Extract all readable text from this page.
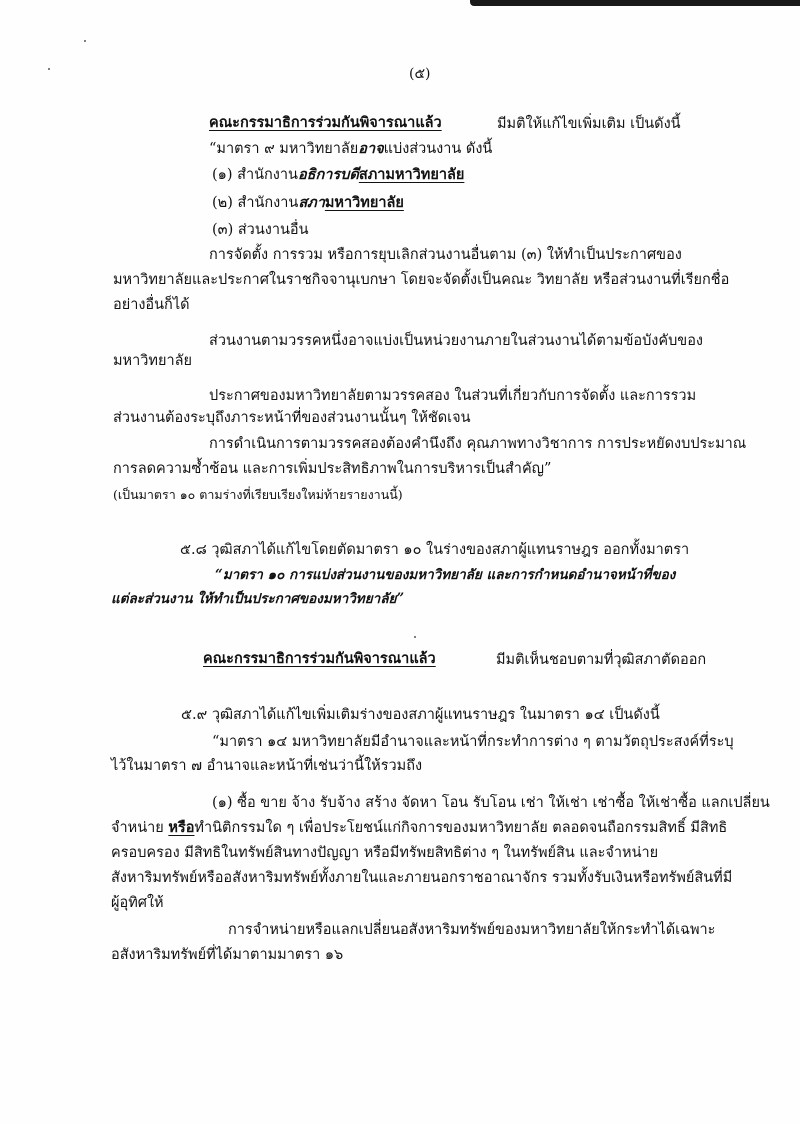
(๕)
คณะกรรมาธิการร่วมกันพิจารณาแล้ว	มีมติให้แก้ไขเพิ่มเติม เป็นดังนี้
“มาตรา ๙ มหาวิทยาลัยอาจแบ่งส่วนงาน ดังนี้
(๑) สำนักงานอธิการบดีสภามหาวิทยาลัย
(๒) สำนักงานสภามหาวิทยาลัย
(๓) ส่วนงานอื่น
การจัดตั้ง การรวม หรือการยุบเลิกส่วนงานอื่นตาม (๓) ให้ทำเป็นประกาศของ
มหาวิทยาลัยและประกาศในราชกิจจานุเบกษา โดยจะจัดตั้งเป็นคณะ วิทยาลัย หรือส่วนงานที่เรียกชื่อ
อย่างอื่นก็ได้
ส่วนงานตามวรรคหนึ่งอาจแบ่งเป็นหน่วยงานภายในส่วนงานได้ตามข้อบังคับของ
มหาวิทยาลัย
ประกาศของมหาวิทยาลัยตามวรรคสอง ในส่วนที่เกี่ยวกับการจัดตั้ง และการรวม
ส่วนงานต้องระบุถึงภาระหน้าที่ของส่วนงานนั้นๆ ให้ชัดเจน
การดำเนินการตามวรรคสองต้องคำนึงถึง คุณภาพทางวิชาการ การประหยัดงบประมาณ
การลดความซ้ำซ้อน และการเพิ่มประสิทธิภาพในการบริหารเป็นสำคัญ”
(เป็นมาตรา ๑๐ ตามร่างที่เรียบเรียงใหม่ท้ายรายงานนี้)
๕.๘ วุฒิสภาได้แก้ไขโดยตัดมาตรา ๑๐ ในร่างของสภาผู้แทนราษฎร ออกทั้งมาตรา
“มาตรา ๑๐ การแบ่งส่วนงานของมหาวิทยาลัย และการกำหนดอำนาจหน้าที่ของ
แต่ละส่วนงาน ให้ทำเป็นประกาศของมหาวิทยาลัย”
คณะกรรมาธิการร่วมกันพิจารณาแล้ว	มีมติเห็นชอบตามที่วุฒิสภาตัดออก
๕.๙ วุฒิสภาได้แก้ไขเพิ่มเติมร่างของสภาผู้แทนราษฎร ในมาตรา ๑๔ เป็นดังนี้
“มาตรา ๑๔ มหาวิทยาลัยมีอำนาจและหน้าที่กระทำการต่าง ๆ ตามวัตถุประสงค์ที่ระบุ
ไว้ในมาตรา ๗ อำนาจและหน้าที่เช่นว่านี้ให้รวมถึง
(๑) ซื้อ ขาย จ้าง รับจ้าง สร้าง จัดหา โอน รับโอน เช่า ให้เช่า เช่าซื้อ ให้เช่าซื้อ แลกเปลี่ยน
จำหน่าย หรือทำนิติกรรมใด ๆ เพื่อประโยชน์แก่กิจการของมหาวิทยาลัย ตลอดจนถือกรรมสิทธิ์ มีสิทธิ
ครอบครอง มีสิทธิในทรัพย์สินทางปัญญา หรือมีทรัพยสิทธิต่าง ๆ ในทรัพย์สิน และจำหน่าย
สังหาริมทรัพย์หรืออสังหาริมทรัพย์ทั้งภายในและภายนอกราชอาณาจักร รวมทั้งรับเงินหรือทรัพย์สินที่มี
ผู้อุทิศให้
การจำหน่ายหรือแลกเปลี่ยนอสังหาริมทรัพย์ของมหาวิทยาลัยให้กระทำได้เฉพาะ
อสังหาริมทรัพย์ที่ได้มาตามมาตรา ๑๖
